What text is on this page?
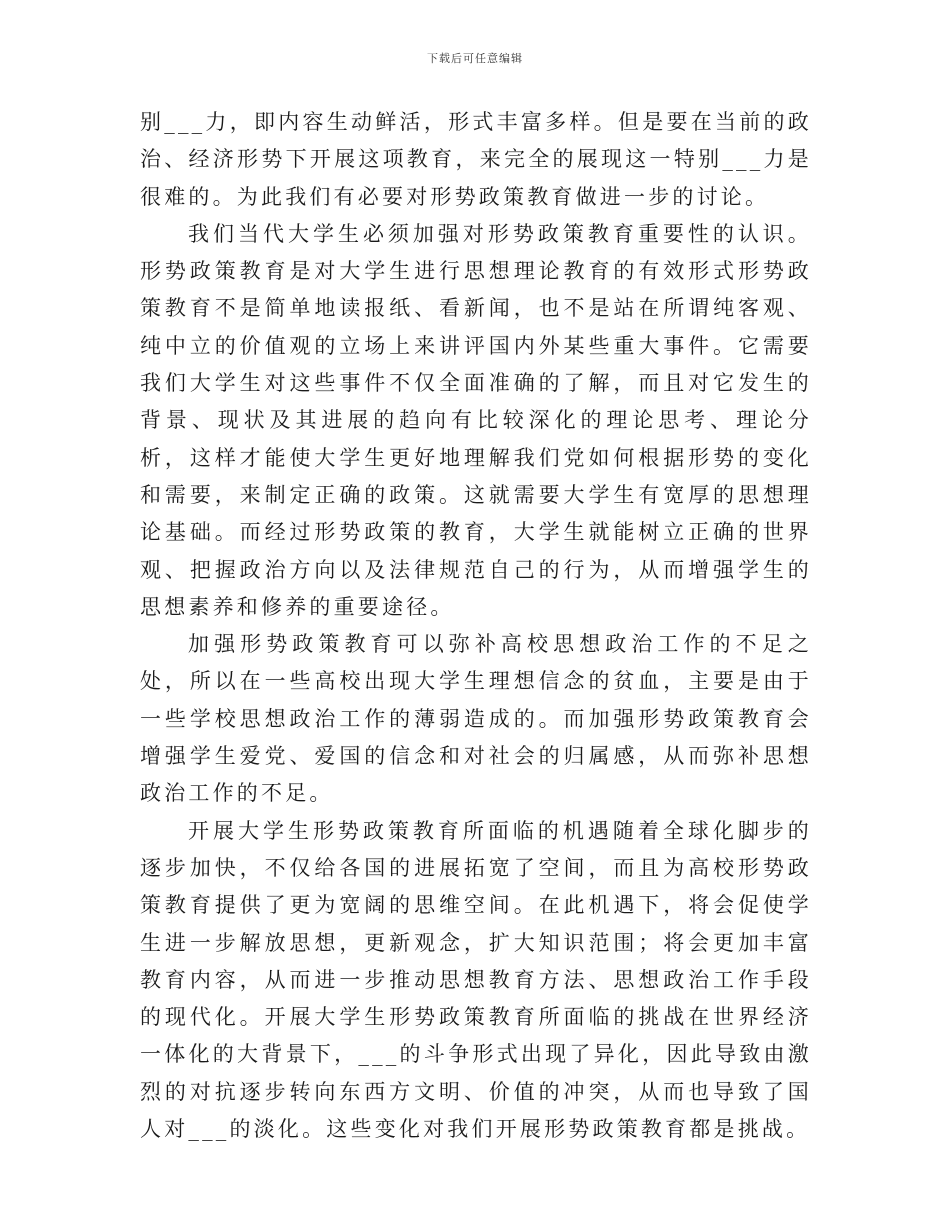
下载后可任意编辑

别___力，即内容生动鲜活，形式丰富多样。但是要在当前的政治、经济形势下开展这项教育，来完全的展现这一特别___力是很难的。为此我们有必要对形势政策教育做进一步的讨论。

我们当代大学生必须加强对形势政策教育重要性的认识。形势政策教育是对大学生进行思想理论教育的有效形式形势政策教育不是简单地读报纸、看新闻，也不是站在所谓纯客观、纯中立的价值观的立场上来讲评国内外某些重大事件。它需要我们大学生对这些事件不仅全面准确的了解，而且对它发生的背景、现状及其进展的趋向有比较深化的理论思考、理论分析，这样才能使大学生更好地理解我们党如何根据形势的变化和需要，来制定正确的政策。这就需要大学生有宽厚的思想理论基础。而经过形势政策的教育，大学生就能树立正确的世界观、把握政治方向以及法律规范自己的行为，从而增强学生的思想素养和修养的重要途径。

加强形势政策教育可以弥补高校思想政治工作的不足之处，所以在一些高校出现大学生理想信念的贫血，主要是由于一些学校思想政治工作的薄弱造成的。而加强形势政策教育会增强学生爱党、爱国的信念和对社会的归属感，从而弥补思想政治工作的不足。

开展大学生形势政策教育所面临的机遇随着全球化脚步的逐步加快，不仅给各国的进展拓宽了空间，而且为高校形势政策教育提供了更为宽阔的思维空间。在此机遇下，将会促使学生进一步解放思想，更新观念，扩大知识范围；将会更加丰富教育内容，从而进一步推动思想教育方法、思想政治工作手段的现代化。开展大学生形势政策教育所面临的挑战在世界经济一体化的大背景下，___的斗争形式出现了异化，因此导致由激烈的对抗逐步转向东西方文明、价值的冲突，从而也导致了国人对___的淡化。这些变化对我们开展形势政策教育都是挑战。
